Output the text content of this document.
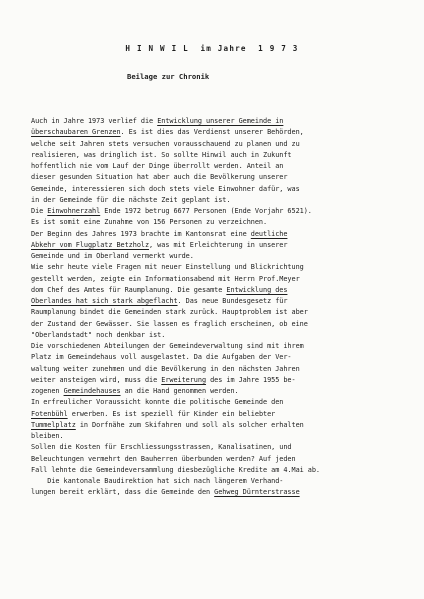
H I N W I L  im Jahre  1 9 7 3
Beilage zur Chronik
Auch in Jahre 1973 verlief die Entwicklung unserer Gemeinde in
überschaubaren Grenzen. Es ist dies das Verdienst unserer Behörden,
welche seit Jahren stets versuchen vorausschauend zu planen und zu
realisieren, was dringlich ist. So sollte Hinwil auch in Zukunft
hoffentlich nie vom Lauf der Dinge überrollt werden. Anteil an
dieser gesunden Situation hat aber auch die Bevölkerung unserer
Gemeinde, interessieren sich doch stets viele Einwohner dafür, was
in der Gemeinde für die nächste Zeit geplant ist.
Die Einwohnerzahl Ende 1972 betrug 6677 Personen (Ende Vorjahr 6521).
Es ist somit eine Zunahme von 156 Personen zu verzeichnen.
Der Beginn des Jahres 1973 brachte im Kantonsrat eine deutliche
Abkehr vom Flugplatz Betzholz, was mit Erleichterung in unserer
Gemeinde und im Oberland vermerkt wurde.
Wie sehr heute viele Fragen mit neuer Einstellung und Blickrichtung
gestellt werden, zeigte ein Informationsabend mit Herrn Prof.Meyer
dom Chef des Amtes für Raumplanung. Die gesamte Entwicklung des
Oberlandes hat sich stark abgeflacht. Das neue Bundesgesetz für
Raumplanung bindet die Gemeinden stark zurück. Hauptproblem ist aber
der Zustand der Gewässer. Sie lassen es fraglich erscheinen, ob eine
"Oberlandstadt" noch denkbar ist.
Die vorschiedenen Abteilungen der Gemeindeverwaltung sind mit ihrem
Platz im Gemeindehaus voll ausgelastet. Da die Aufgaben der Ver-
waltung weiter zunehmen und die Bevölkerung in den nächsten Jahren
weiter ansteigen wird, muss die Erweiterung des im Jahre 1955 be-
zogenen Gemeindehauses an die Hand genommen werden.
In erfreulicher Voraussicht konnte die politische Gemeinde den
Fotenbühl erwerben. Es ist speziell für Kinder ein beliebter
Tummelplatz in Dorfnähe zum Skifahren und soll als solcher erhalten
bleiben.
Sollen die Kosten für Erschliessungsstrassen, Kanalisatinen, und
Beleuchtungen vermehrt den Bauherren überbunden werden? Auf jeden
Fall lehnte die Gemeindeversammlung diesbezügliche Kredite am 4.Mai ab.
Die kantonale Baudirektion hat sich nach längerem Verhand-
lungen bereit erklärt, dass die Gemeinde den Gehweg Dürnterstrasse
